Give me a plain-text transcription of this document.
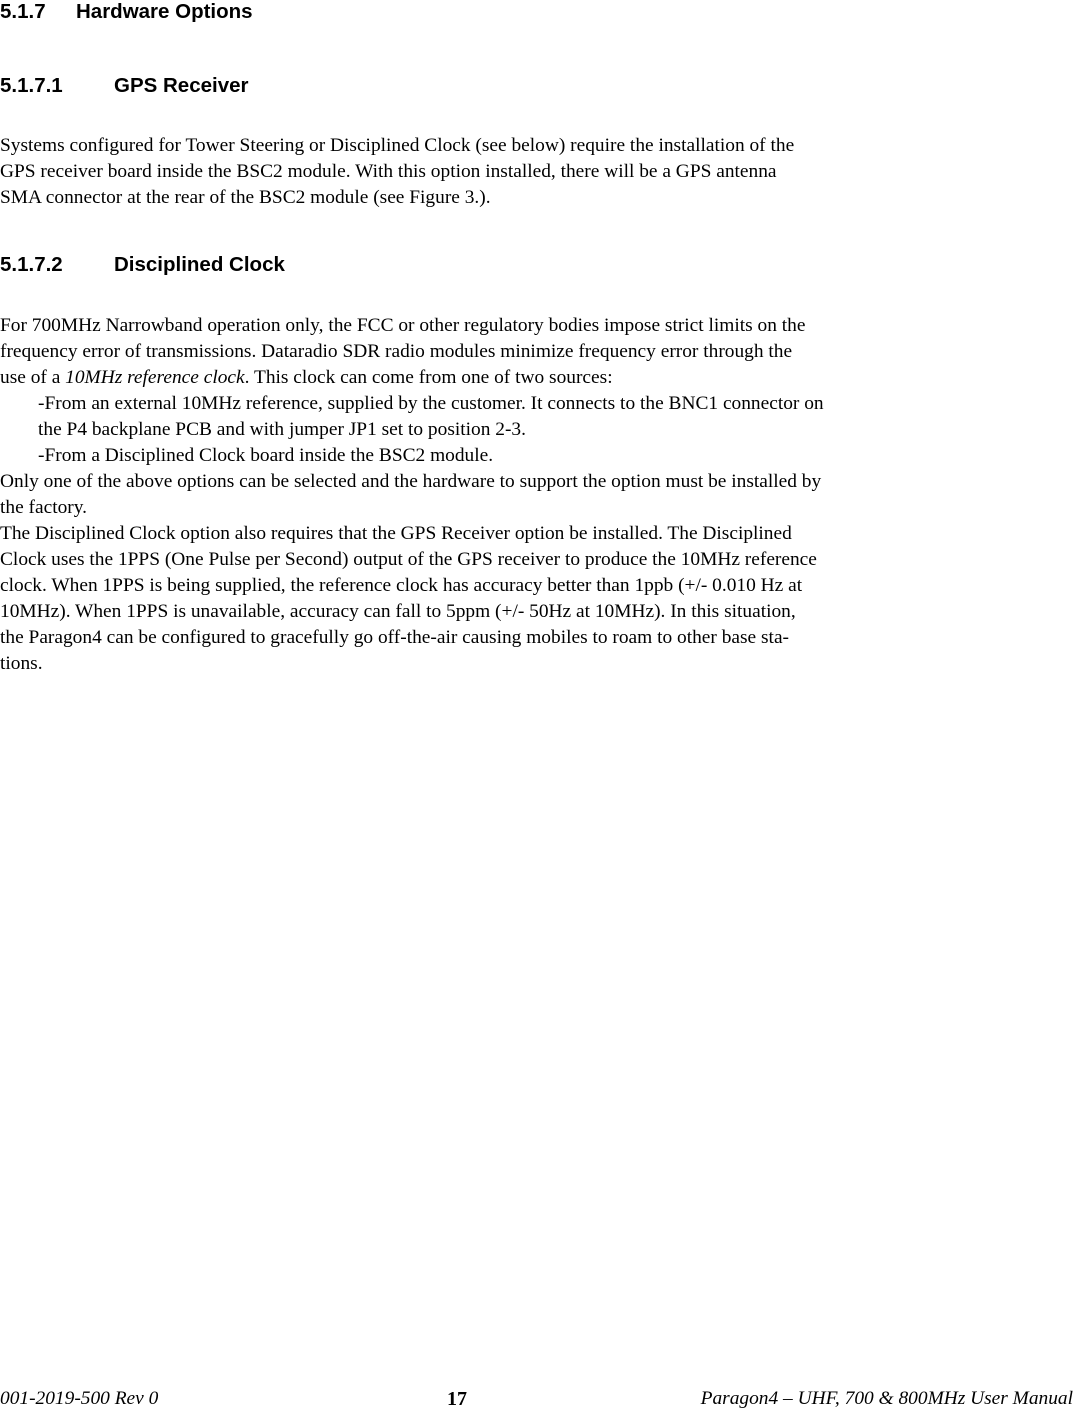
5.1.7 Hardware Options
5.1.7.1	GPS Receiver

Systems configured for Tower Steering or Disciplined Clock (see below) require the installation of the

GPS receiver board inside the BSC2 module. With this option installed, there will be a GPS antenna

SMA connector at the rear of the BSC2 module (see Figure 3.).

5.1.7.2	Disciplined Clock

For 700MHz Narrowband operation only, the FCC or other regulatory bodies impose strict limits on the

frequency error of transmissions. Dataradio SDR radio modules minimize frequency error through the

use of a 10MHz reference clock. This clock can come from one of two sources:

-From an external 10MHz reference, supplied by the customer. It connects to the BNC1 connector on

the P4 backplane PCB and with jumper JP1 set to position 2-3.

-From a Disciplined Clock board inside the BSC2 module.

Only one of the above options can be selected and the hardware to support the option must be installed by

the factory.

The Disciplined Clock option also requires that the GPS Receiver option be installed. The Disciplined

Clock uses the 1PPS (One Pulse per Second) output of the GPS receiver to produce the 10MHz reference

clock. When 1PPS is being supplied, the reference clock has accuracy better than 1ppb (+/- 0.010 Hz at

10MHz). When 1PPS is unavailable, accuracy can fall to 5ppm (+/- 50Hz at 10MHz). In this situation,

the Paragon4 can be configured to gracefully go off-the-air causing mobiles to roam to other base sta-

tions.

001-2019-500 Rev 0	17	Paragon4 – UHF, 700 & 800MHz User Manual
